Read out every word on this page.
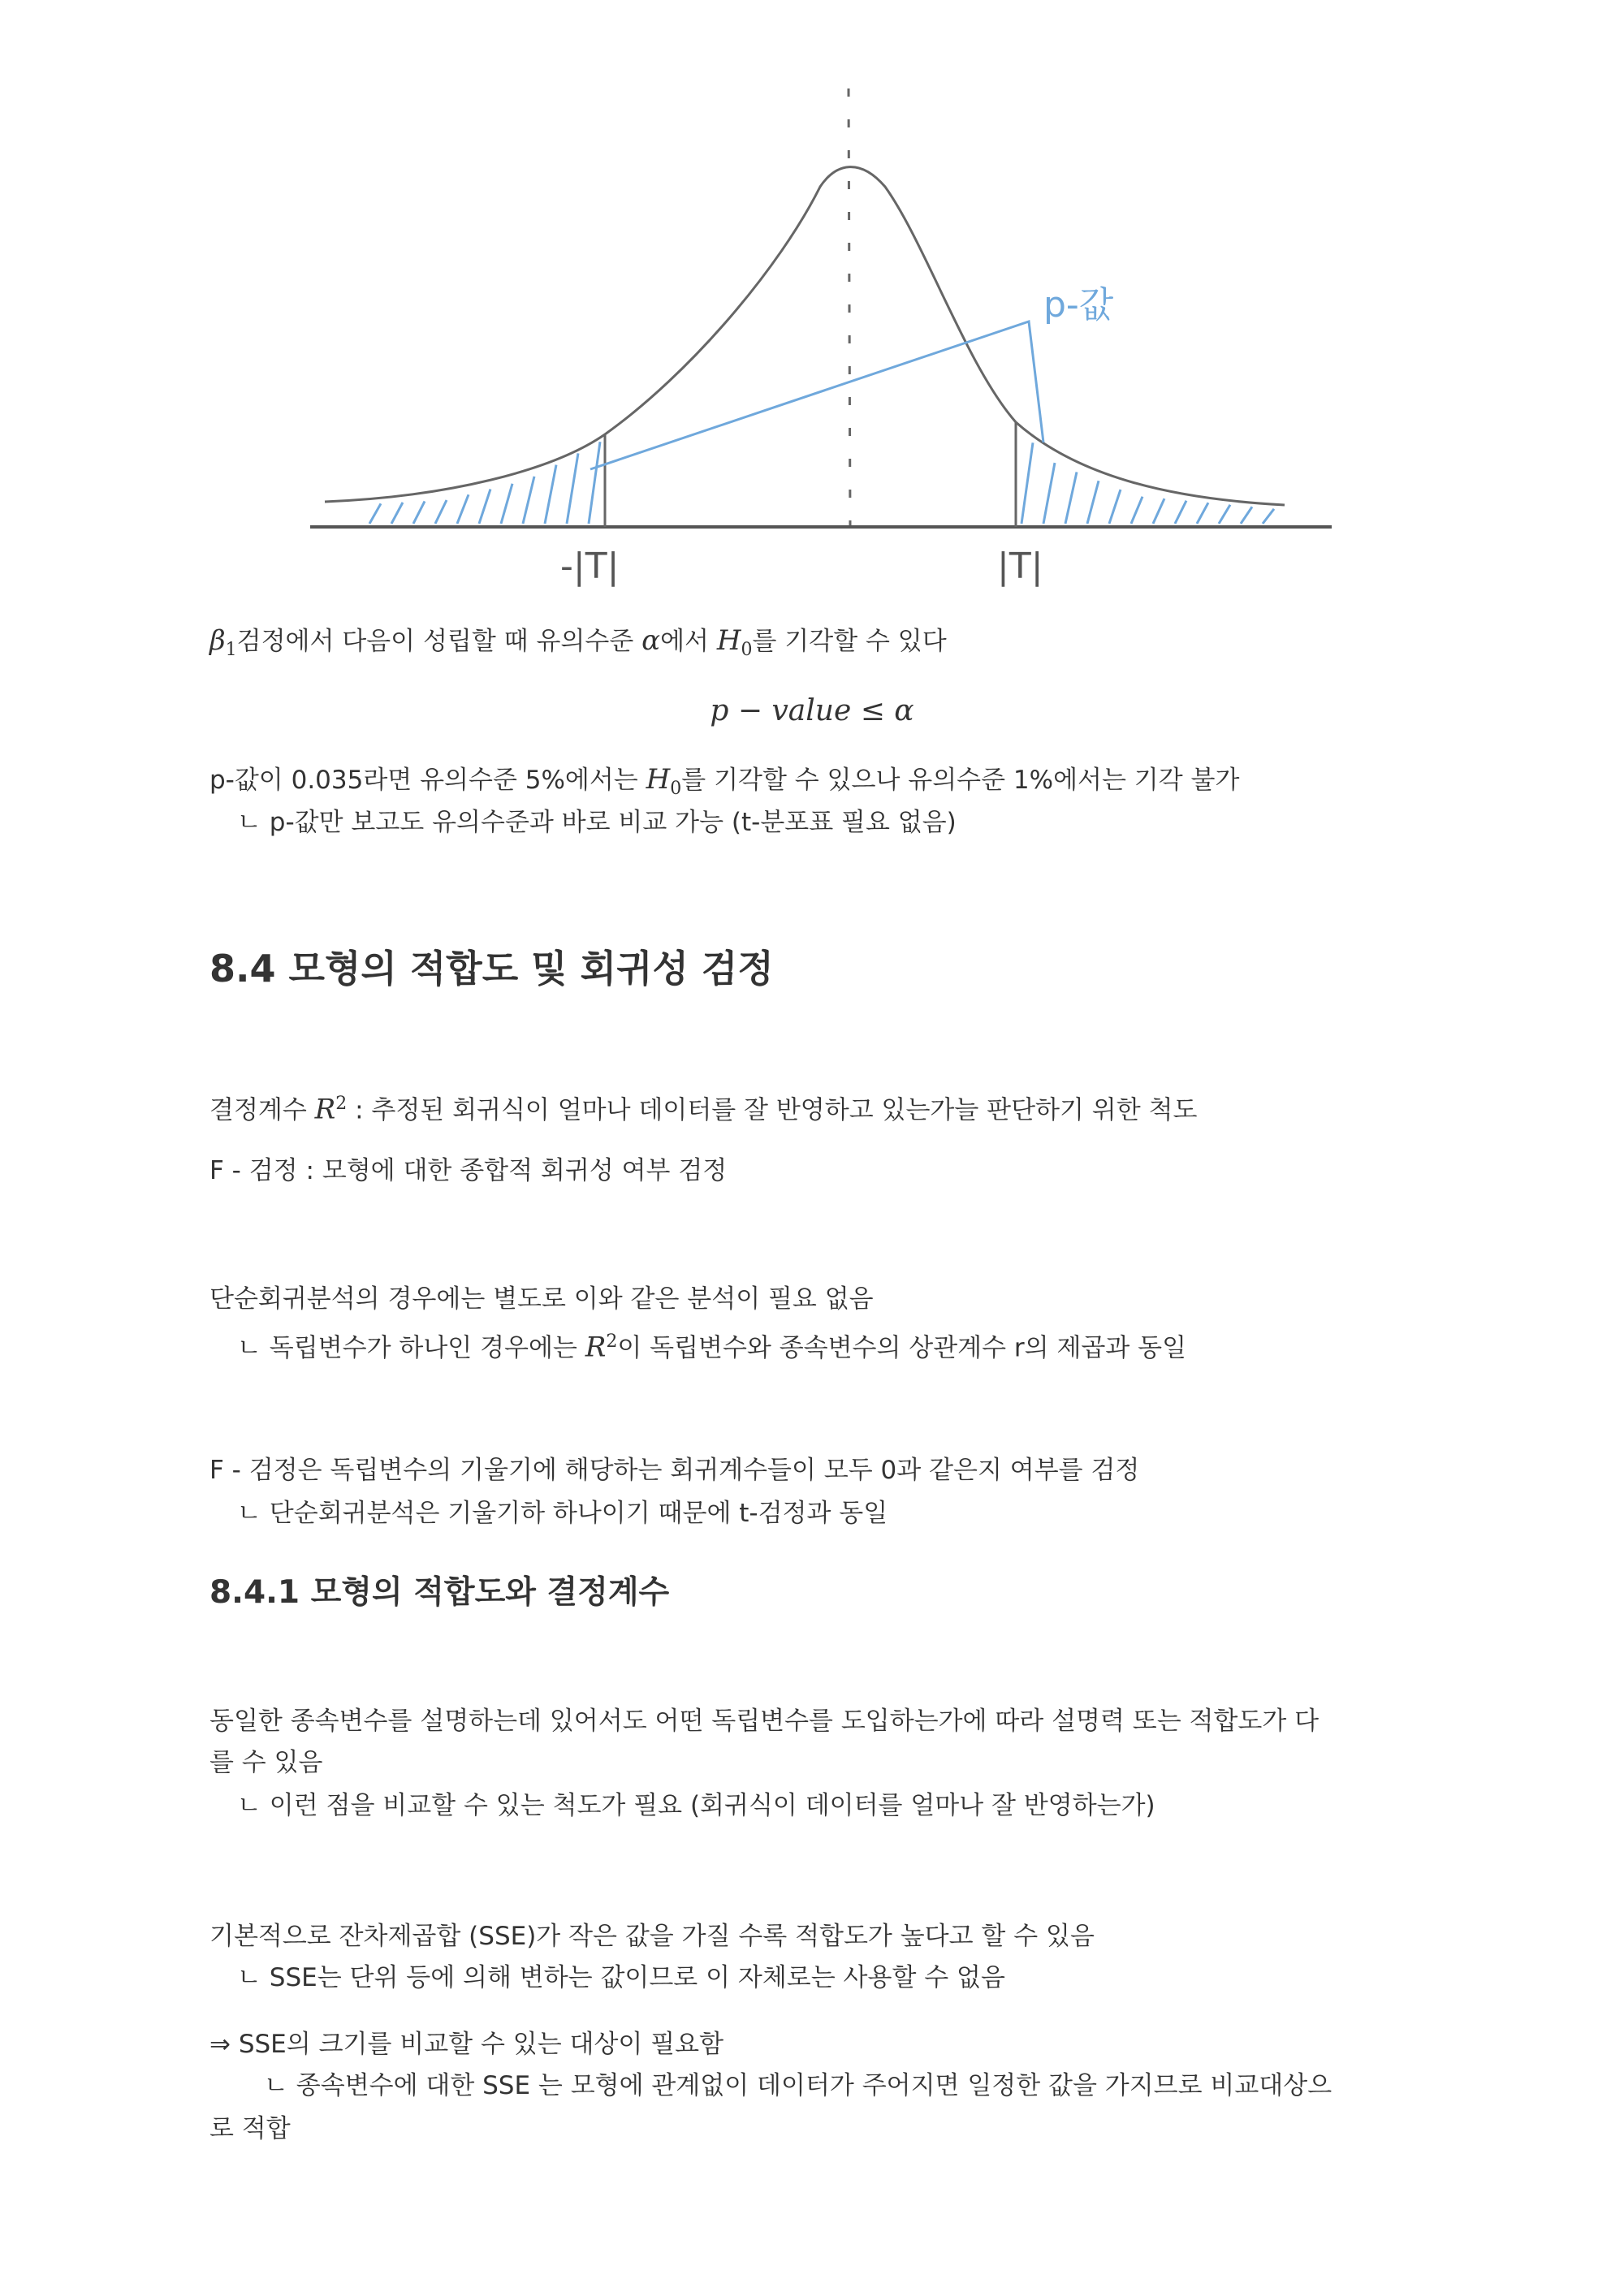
p-값
-|T|	|T|
$\beta_1$검정에서 다음이 성립할 때 유의수준 α에서 $H_0$를 기각할 수 있다
p − value ≤ α
p-값이 0.035라면 유의수준 5%에서는 $H_0$를 기각할 수 있으나 유의수준 1%에서는 기각 불가
ㄴ p-값만 보고도 유의수준과 바로 비교 가능 (t-분포표 필요 없음)
8.4 모형의 적합도 및 회귀성 검정
결정계수 $R^2$ : 추정된 회귀식이 얼마나 데이터를 잘 반영하고 있는가늘 판단하기 위한 척도
F - 검정 : 모형에 대한 종합적 회귀성 여부 검정
단순회귀분석의 경우에는 별도로 이와 같은 분석이 필요 없음
ㄴ 독립변수가 하나인 경우에는 $R^2$이 독립변수와 종속변수의 상관계수 r의 제곱과 동일
F - 검정은 독립변수의 기울기에 해당하는 회귀계수들이 모두 0과 같은지 여부를 검정
ㄴ 단순회귀분석은 기울기하 하나이기 때문에 t-검정과 동일
8.4.1 모형의 적합도와 결정계수
동일한 종속변수를 설명하는데 있어서도 어떤 독립변수를 도입하는가에 따라 설명력 또는 적합도가 다
를 수 있음
ㄴ 이런 점을 비교할 수 있는 척도가 필요 (회귀식이 데이터를 얼마나 잘 반영하는가)
기본적으로 잔차제곱합 (SSE)가 작은 값을 가질 수록 적합도가 높다고 할 수 있음
ㄴ SSE는 단위 등에 의해 변하는 값이므로 이 자체로는 사용할 수 없음
⇒ SSE의 크기를 비교할 수 있는 대상이 필요함
ㄴ 종속변수에 대한 SSE 는 모형에 관계없이 데이터가 주어지면 일정한 값을 가지므로 비교대상으
로 적합
